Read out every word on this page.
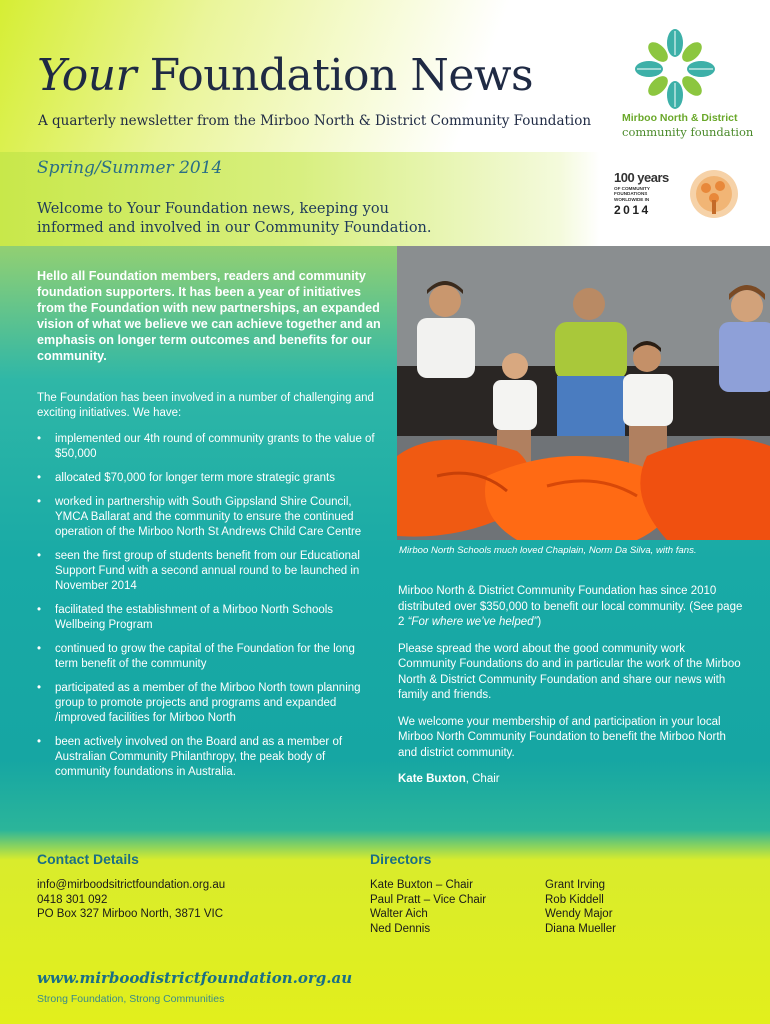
Your Foundation News
A quarterly newsletter from the Mirboo North & District Community Foundation	Mirboo North & District
community foundation
Spring/Summer 2014
Welcome to Your Foundation news, keeping you informed and involved in our Community Foundation.
100 years
OF COMMUNITY
FOUNDATIONS
WORLDWIDE IN
2014
Hello all Foundation members, readers and community foundation supporters. It has been a year of initiatives from the Foundation with new partnerships, an expanded vision of what we believe we can achieve together and an emphasis on longer term outcomes and benefits for our community.
The Foundation has been involved in a number of challenging and exciting initiatives. We have:
• implemented our 4th round of community grants to the value of $50,000
• allocated $70,000 for longer term more strategic grants
• worked in partnership with South Gippsland Shire Council, YMCA Ballarat and the community to ensure the continued operation of the Mirboo North St Andrews Child Care Centre
• seen the first group of students benefit from our Educational Support Fund with a second annual round to be launched in November 2014
• facilitated the establishment of a Mirboo North Schools Wellbeing Program
• continued to grow the capital of the Foundation for the long term benefit of the community
• participated as a member of the Mirboo North town planning group to promote projects and programs and expanded /improved facilities for Mirboo North
• been actively involved on the Board and as a member of Australian Community Philanthropy, the peak body of community foundations in Australia.
Mirboo North Schools much loved Chaplain, Norm Da Silva, with fans.

Mirboo North & District Community Foundation has since 2010 distributed over $350,000 to benefit our local community. (See page 2 “For where we’ve helped”)

Please spread the word about the good community work Community Foundations do and in particular the work of the Mirboo North & District Community Foundation and share our news with family and friends.

We welcome your membership of and participation in your local Mirboo North Community Foundation to benefit the Mirboo North and district community.

Kate Buxton, Chair

Contact Details
info@mirboodsitrictfoundation.org.au
0418 301 092
PO Box 327 Mirboo North, 3871 VIC
Directors
Kate Buxton – Chair
Paul Pratt – Vice Chair
Walter Aich
Ned Dennis
Grant Irving
Rob Kiddell
Wendy Major
Diana Mueller
www.mirboodistrictfoundation.org.au
Strong Foundation, Strong Communities
